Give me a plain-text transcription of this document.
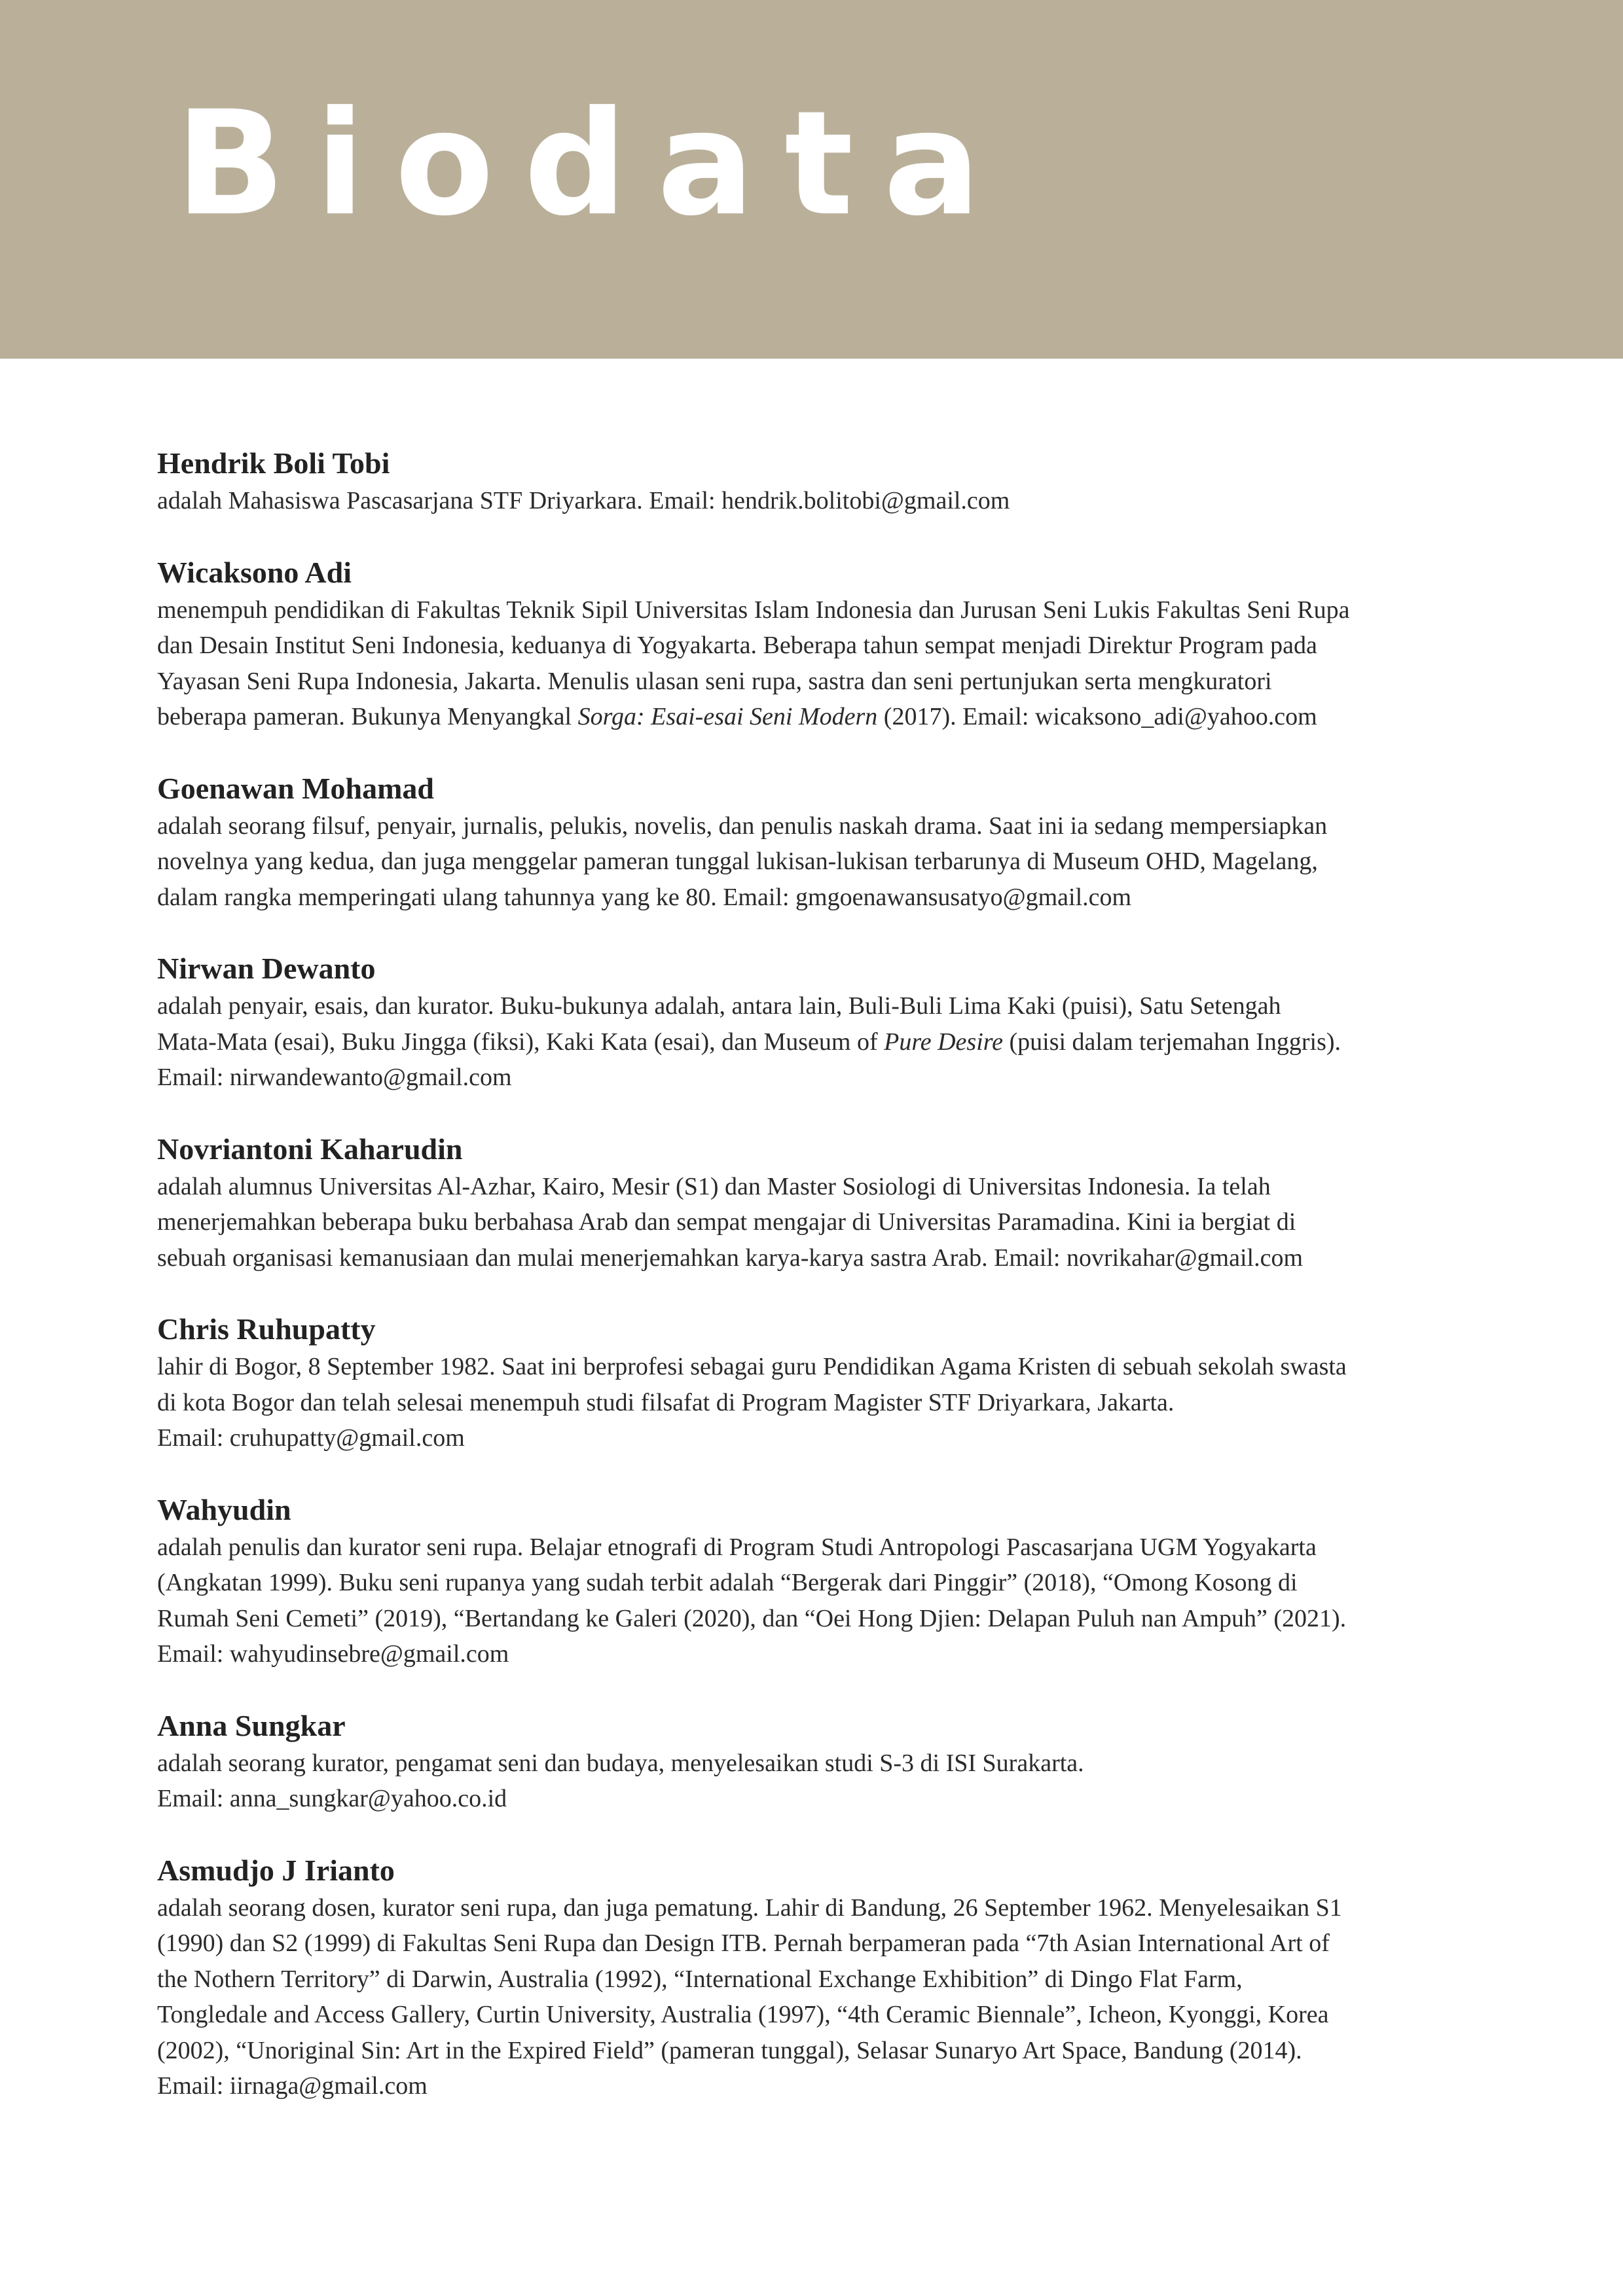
Biodata
Hendrik Boli Tobi

adalah Mahasiswa Pascasarjana STF Driyarkara. Email: hendrik.bolitobi@gmail.com

Wicaksono Adi

menempuh pendidikan di Fakultas Teknik Sipil Universitas Islam Indonesia dan Jurusan Seni Lukis Fakultas Seni Rupa
dan Desain Institut Seni Indonesia, keduanya di Yogyakarta. Beberapa tahun sempat menjadi Direktur Program pada
Yayasan Seni Rupa Indonesia, Jakarta. Menulis ulasan seni rupa, sastra dan seni pertunjukan serta mengkuratori
beberapa pameran. Bukunya Menyangkal Sorga: Esai-esai Seni Modern (2017). Email: wicaksono_adi@yahoo.com

Goenawan Mohamad

adalah seorang filsuf, penyair, jurnalis, pelukis, novelis, dan penulis naskah drama. Saat ini ia sedang mempersiapkan
novelnya yang kedua, dan juga menggelar pameran tunggal lukisan-lukisan terbarunya di Museum OHD, Magelang,
dalam rangka memperingati ulang tahunnya yang ke 80. Email: gmgoenawansusatyo@gmail.com

Nirwan Dewanto

adalah penyair, esais, dan kurator. Buku-bukunya adalah, antara lain, Buli-Buli Lima Kaki (puisi), Satu Setengah
Mata-Mata (esai), Buku Jingga (fiksi), Kaki Kata (esai), dan Museum of Pure Desire (puisi dalam terjemahan Inggris).
Email: nirwandewanto@gmail.com

Novriantoni Kaharudin

adalah alumnus Universitas Al-Azhar, Kairo, Mesir (S1) dan Master Sosiologi di Universitas Indonesia. Ia telah
menerjemahkan beberapa buku berbahasa Arab dan sempat mengajar di Universitas Paramadina. Kini ia bergiat di
sebuah organisasi kemanusiaan dan mulai menerjemahkan karya-karya sastra Arab. Email: novrikahar@gmail.com

Chris Ruhupatty

lahir di Bogor, 8 September 1982. Saat ini berprofesi sebagai guru Pendidikan Agama Kristen di sebuah sekolah swasta
di kota Bogor dan telah selesai menempuh studi filsafat di Program Magister STF Driyarkara, Jakarta.
Email: cruhupatty@gmail.com

Wahyudin

adalah penulis dan kurator seni rupa. Belajar etnografi di Program Studi Antropologi Pascasarjana UGM Yogyakarta
(Angkatan 1999). Buku seni rupanya yang sudah terbit adalah “Bergerak dari Pinggir” (2018), “Omong Kosong di
Rumah Seni Cemeti” (2019), “Bertandang ke Galeri (2020), dan “Oei Hong Djien: Delapan Puluh nan Ampuh” (2021).
Email: wahyudinsebre@gmail.com

Anna Sungkar

adalah seorang kurator, pengamat seni dan budaya, menyelesaikan studi S-3 di ISI Surakarta.
Email: anna_sungkar@yahoo.co.id

Asmudjo J Irianto

adalah seorang dosen, kurator seni rupa, dan juga pematung. Lahir di Bandung, 26 September 1962. Menyelesaikan S1
(1990) dan S2 (1999) di Fakultas Seni Rupa dan Design ITB. Pernah berpameran pada “7th Asian International Art of
the Nothern Territory” di Darwin, Australia (1992), “International Exchange Exhibition” di Dingo Flat Farm,
Tongledale and Access Gallery, Curtin University, Australia (1997), “4th Ceramic Biennale”, Icheon, Kyonggi, Korea
(2002), “Unoriginal Sin: Art in the Expired Field” (pameran tunggal), Selasar Sunaryo Art Space, Bandung (2014).
Email: iirnaga@gmail.com
